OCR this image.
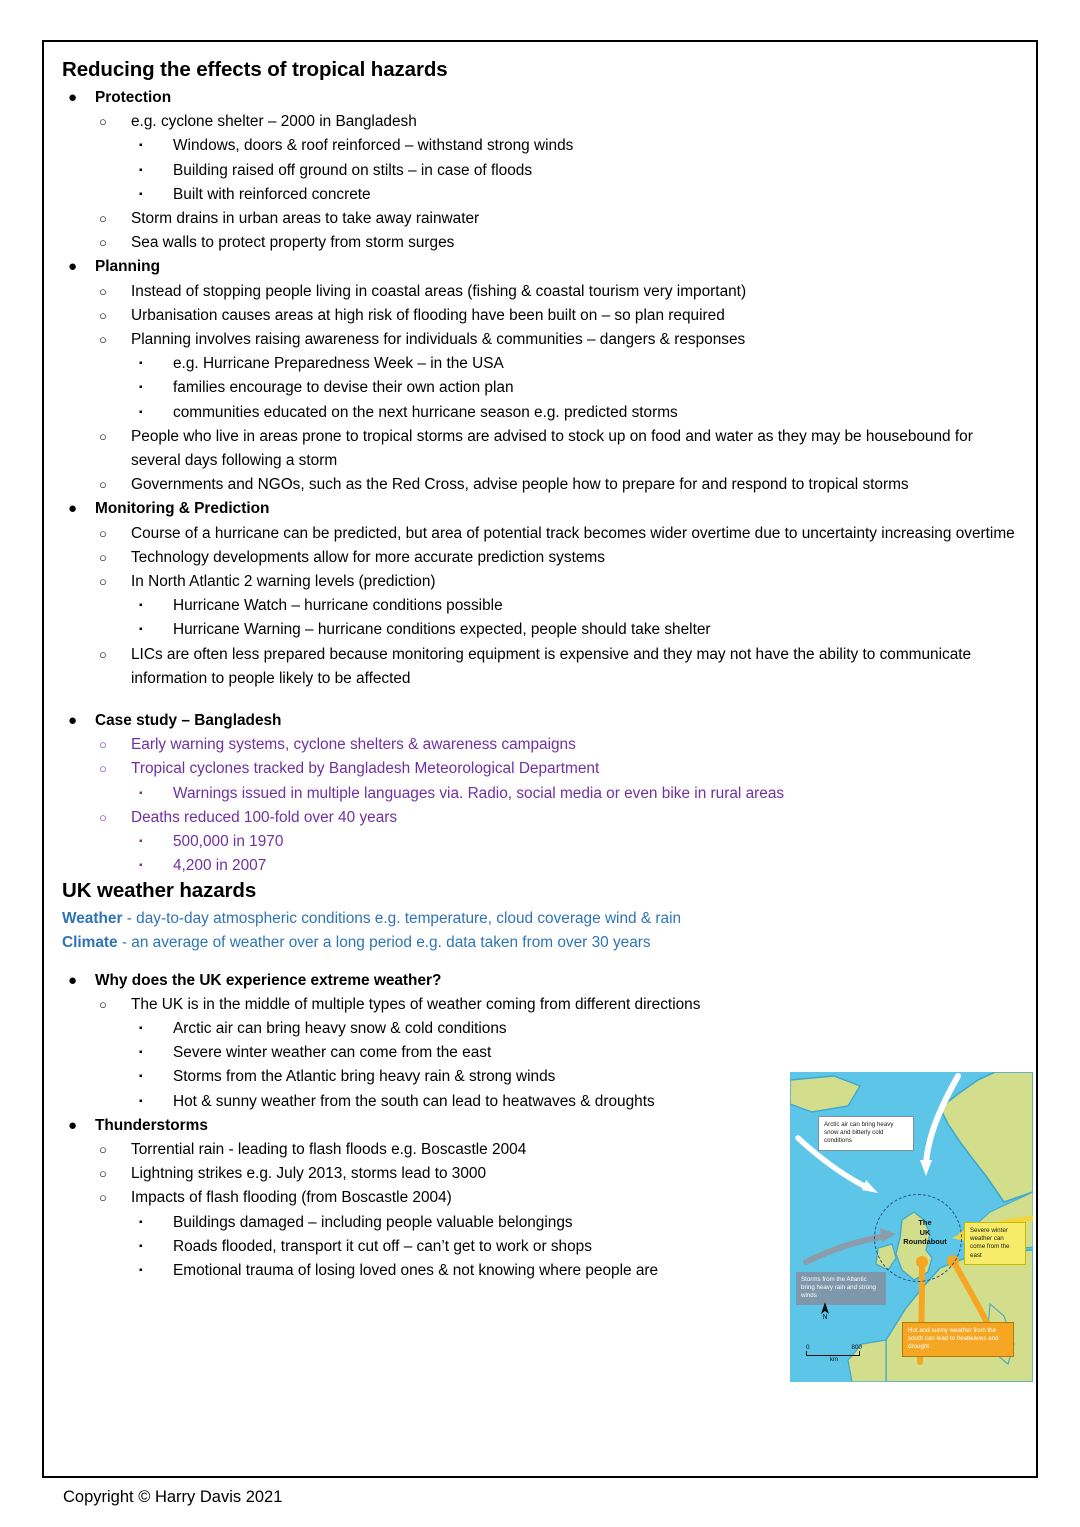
Reducing the effects of tropical hazards
● Protection
○ e.g. cyclone shelter – 2000 in Bangladesh
▪ Windows, doors & roof reinforced – withstand strong winds
▪ Building raised off ground on stilts – in case of floods
▪ Built with reinforced concrete
○ Storm drains in urban areas to take away rainwater
○ Sea walls to protect property from storm surges
● Planning
○ Instead of stopping people living in coastal areas (fishing & coastal tourism very important)
○ Urbanisation causes areas at high risk of flooding have been built on – so plan required
○ Planning involves raising awareness for individuals & communities – dangers & responses
▪ e.g. Hurricane Preparedness Week – in the USA
▪ families encourage to devise their own action plan
▪ communities educated on the next hurricane season e.g. predicted storms
○ People who live in areas prone to tropical storms are advised to stock up on food and water as they may be housebound for several days following a storm
○ Governments and NGOs, such as the Red Cross, advise people how to prepare for and respond to tropical storms
● Monitoring & Prediction
○ Course of a hurricane can be predicted, but area of potential track becomes wider overtime due to uncertainty increasing overtime
○ Technology developments allow for more accurate prediction systems
○ In North Atlantic 2 warning levels (prediction)
▪ Hurricane Watch – hurricane conditions possible
▪ Hurricane Warning – hurricane conditions expected, people should take shelter
○ LICs are often less prepared because monitoring equipment is expensive and they may not have the ability to communicate information to people likely to be affected
● Case study – Bangladesh
○ Early warning systems, cyclone shelters & awareness campaigns
○ Tropical cyclones tracked by Bangladesh Meteorological Department
▪ Warnings issued in multiple languages via. Radio, social media or even bike in rural areas
○ Deaths reduced 100-fold over 40 years
▪ 500,000 in 1970
▪ 4,200 in 2007
UK weather hazards
Weather - day-to-day atmospheric conditions e.g. temperature, cloud coverage wind & rain
Climate - an average of weather over a long period e.g. data taken from over 30 years
● Why does the UK experience extreme weather?
○ The UK is in the middle of multiple types of weather coming from different directions
▪ Arctic air can bring heavy snow & cold conditions
▪ Severe winter weather can come from the east
▪ Storms from the Atlantic bring heavy rain & strong winds
▪ Hot & sunny weather from the south can lead to heatwaves & droughts
● Thunderstorms
○ Torrential rain - leading to flash floods e.g. Boscastle 2004
○ Lightning strikes e.g. July 2013, storms lead to 3000
○ Impacts of flash flooding (from Boscastle 2004)
▪ Buildings damaged – including people valuable belongings
▪ Roads flooded, transport it cut off – can’t get to work or shops
▪ Emotional trauma of losing loved ones & not knowing where people are
The
UK
Roundabout
Arctic air can bring heavy snow and bitterly cold conditions
Severe winter weather can come from the east
Storms from the Atlantic bring heavy rain and strong winds
Hot and sunny weather from the south can lead to heatwaves and drought
N
0	800
km
Copyright © Harry Davis 2021
